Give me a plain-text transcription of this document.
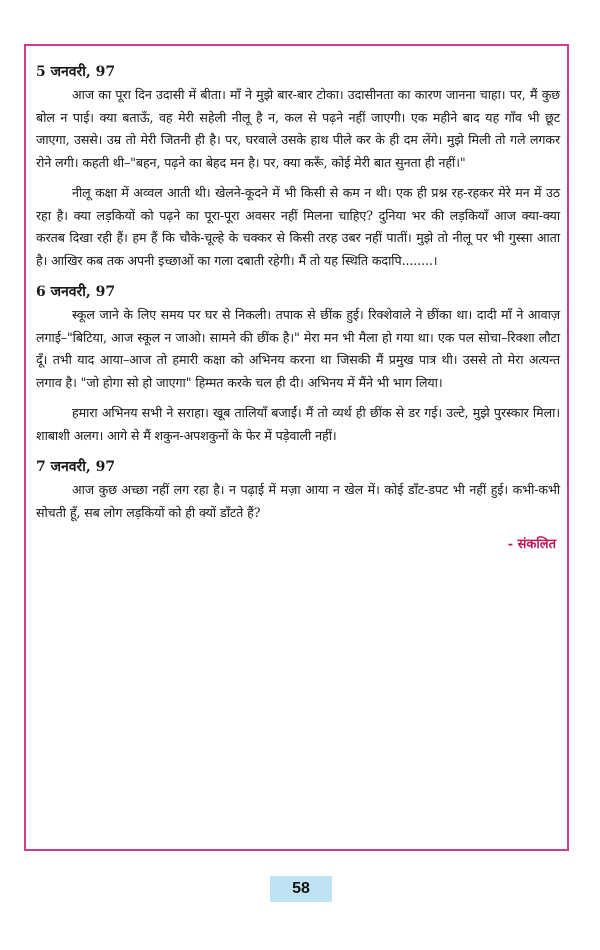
5 जनवरी, 97

आज का पूरा दिन उदासी में बीता। माँ ने मुझे बार-बार टोका। उदासीनता का कारण जानना चाहा। पर, मैं कुछ बोल न पाई। क्या बताऊँ, वह मेरी सहेली नीलू है न, कल से पढ़ने नहीं जाएगी। एक महीने बाद यह गाँव भी छूट जाएगा, उससे। उम्र तो मेरी जितनी ही है। पर, घरवाले उसके हाथ पीले कर के ही दम लेंगे। मुझे मिली तो गले लगकर रोने लगी। कहती थी–"बहन, पढ़ने का बेहद मन है। पर, क्या करूँ, कोई मेरी बात सुनता ही नहीं।"

नीलू कक्षा में अव्वल आती थी। खेलने-कूदने में भी किसी से कम न थी। एक ही प्रश्न रह-रहकर मेरे मन में उठ रहा है। क्या लड़कियों को पढ़ने का पूरा-पूरा अवसर नहीं मिलना चाहिए? दुनिया भर की लड़कियाँ आज क्या-क्या करतब दिखा रही हैं। हम हैं कि चौके-चूल्हे के चक्कर से किसी तरह उबर नहीं पातीं। मुझे तो नीलू पर भी गुस्सा आता है। आखिर कब तक अपनी इच्छाओं का गला दबाती रहेगी। मैं तो यह स्थिति कदापि........।

6 जनवरी, 97

स्कूल जाने के लिए समय पर घर से निकली। तपाक से छींक हुई। रिक्शेवाले ने छींका था। दादी माँ ने आवाज़ लगाई–"बिटिया, आज स्कूल न जाओ। सामने की छींक है।" मेरा मन भी मैला हो गया था। एक पल सोचा–रिक्शा लौटा दूँ। तभी याद आया–आज तो हमारी कक्षा को अभिनय करना था जिसकी मैं प्रमुख पात्र थी। उससे तो मेरा अत्यन्त लगाव है। "जो होगा सो हो जाएगा" हिम्मत करके चल ही दी। अभिनय में मैंने भी भाग लिया।

हमारा अभिनय सभी ने सराहा। खूब तालियाँ बजाईं। मैं तो व्यर्थ ही छींक से डर गई। उल्टे, मुझे पुरस्कार मिला। शाबाशी अलग। आगे से मैं शकुन-अपशकुनों के फेर में पड़ेवाली नहीं।

7 जनवरी, 97

आज कुछ अच्छा नहीं लग रहा है। न पढ़ाई में मज़ा आया न खेल में। कोई डाँट-डपट भी नहीं हुई। कभी-कभी सोचती हूँ, सब लोग लड़कियों को ही क्यों डाँटते हैं?

- संकलित

58
